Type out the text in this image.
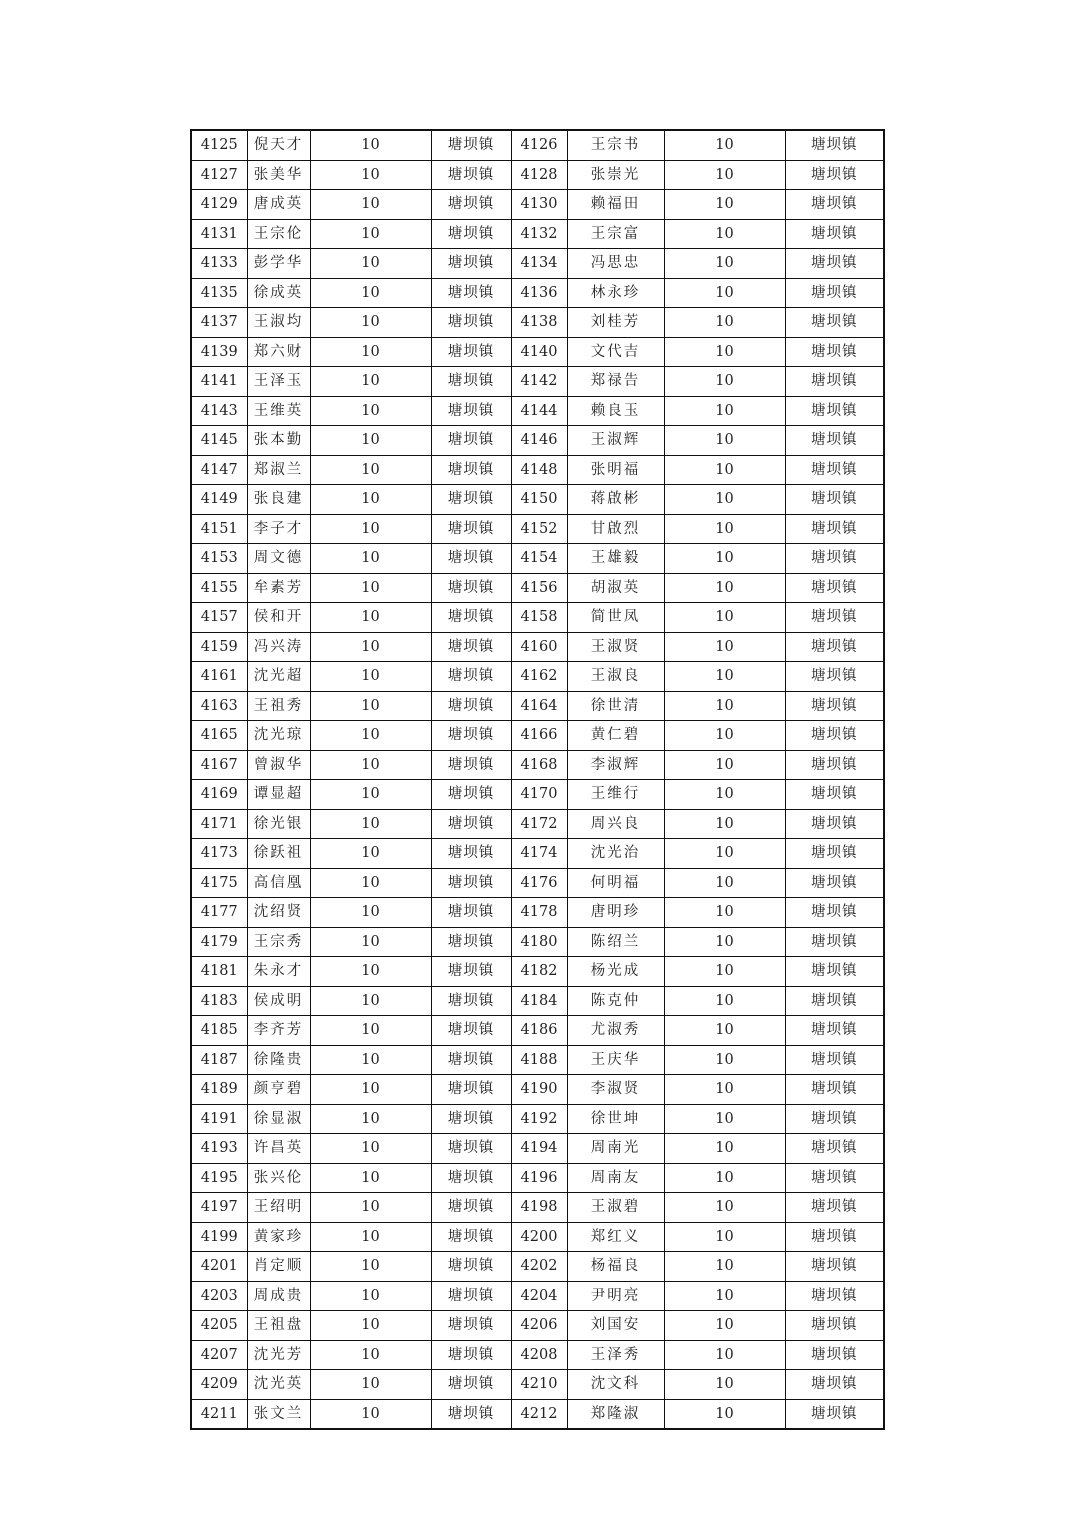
4125	倪天才	10	塘坝镇	4126	王宗书	10	塘坝镇
4127	张美华	10	塘坝镇	4128	张崇光	10	塘坝镇
4129	唐成英	10	塘坝镇	4130	赖福田	10	塘坝镇
4131	王宗伦	10	塘坝镇	4132	王宗富	10	塘坝镇
4133	彭学华	10	塘坝镇	4134	冯思忠	10	塘坝镇
4135	徐成英	10	塘坝镇	4136	林永珍	10	塘坝镇
4137	王淑均	10	塘坝镇	4138	刘桂芳	10	塘坝镇
4139	郑六财	10	塘坝镇	4140	文代吉	10	塘坝镇
4141	王泽玉	10	塘坝镇	4142	郑禄告	10	塘坝镇
4143	王维英	10	塘坝镇	4144	赖良玉	10	塘坝镇
4145	张本勤	10	塘坝镇	4146	王淑辉	10	塘坝镇
4147	郑淑兰	10	塘坝镇	4148	张明福	10	塘坝镇
4149	张良建	10	塘坝镇	4150	蒋啟彬	10	塘坝镇
4151	李子才	10	塘坝镇	4152	甘啟烈	10	塘坝镇
4153	周文德	10	塘坝镇	4154	王雄毅	10	塘坝镇
4155	牟素芳	10	塘坝镇	4156	胡淑英	10	塘坝镇
4157	侯和开	10	塘坝镇	4158	简世凤	10	塘坝镇
4159	冯兴涛	10	塘坝镇	4160	王淑贤	10	塘坝镇
4161	沈光超	10	塘坝镇	4162	王淑良	10	塘坝镇
4163	王祖秀	10	塘坝镇	4164	徐世清	10	塘坝镇
4165	沈光琼	10	塘坝镇	4166	黄仁碧	10	塘坝镇
4167	曾淑华	10	塘坝镇	4168	李淑辉	10	塘坝镇
4169	谭显超	10	塘坝镇	4170	王维行	10	塘坝镇
4171	徐光银	10	塘坝镇	4172	周兴良	10	塘坝镇
4173	徐跃祖	10	塘坝镇	4174	沈光治	10	塘坝镇
4175	高信凰	10	塘坝镇	4176	何明福	10	塘坝镇
4177	沈绍贤	10	塘坝镇	4178	唐明珍	10	塘坝镇
4179	王宗秀	10	塘坝镇	4180	陈绍兰	10	塘坝镇
4181	朱永才	10	塘坝镇	4182	杨光成	10	塘坝镇
4183	侯成明	10	塘坝镇	4184	陈克仲	10	塘坝镇
4185	李齐芳	10	塘坝镇	4186	尤淑秀	10	塘坝镇
4187	徐隆贵	10	塘坝镇	4188	王庆华	10	塘坝镇
4189	颜亨碧	10	塘坝镇	4190	李淑贤	10	塘坝镇
4191	徐显淑	10	塘坝镇	4192	徐世坤	10	塘坝镇
4193	许昌英	10	塘坝镇	4194	周南光	10	塘坝镇
4195	张兴伦	10	塘坝镇	4196	周南友	10	塘坝镇
4197	王绍明	10	塘坝镇	4198	王淑碧	10	塘坝镇
4199	黄家珍	10	塘坝镇	4200	郑红义	10	塘坝镇
4201	肖定顺	10	塘坝镇	4202	杨福良	10	塘坝镇
4203	周成贵	10	塘坝镇	4204	尹明亮	10	塘坝镇
4205	王祖盘	10	塘坝镇	4206	刘国安	10	塘坝镇
4207	沈光芳	10	塘坝镇	4208	王泽秀	10	塘坝镇
4209	沈光英	10	塘坝镇	4210	沈文科	10	塘坝镇
4211	张文兰	10	塘坝镇	4212	郑隆淑	10	塘坝镇
